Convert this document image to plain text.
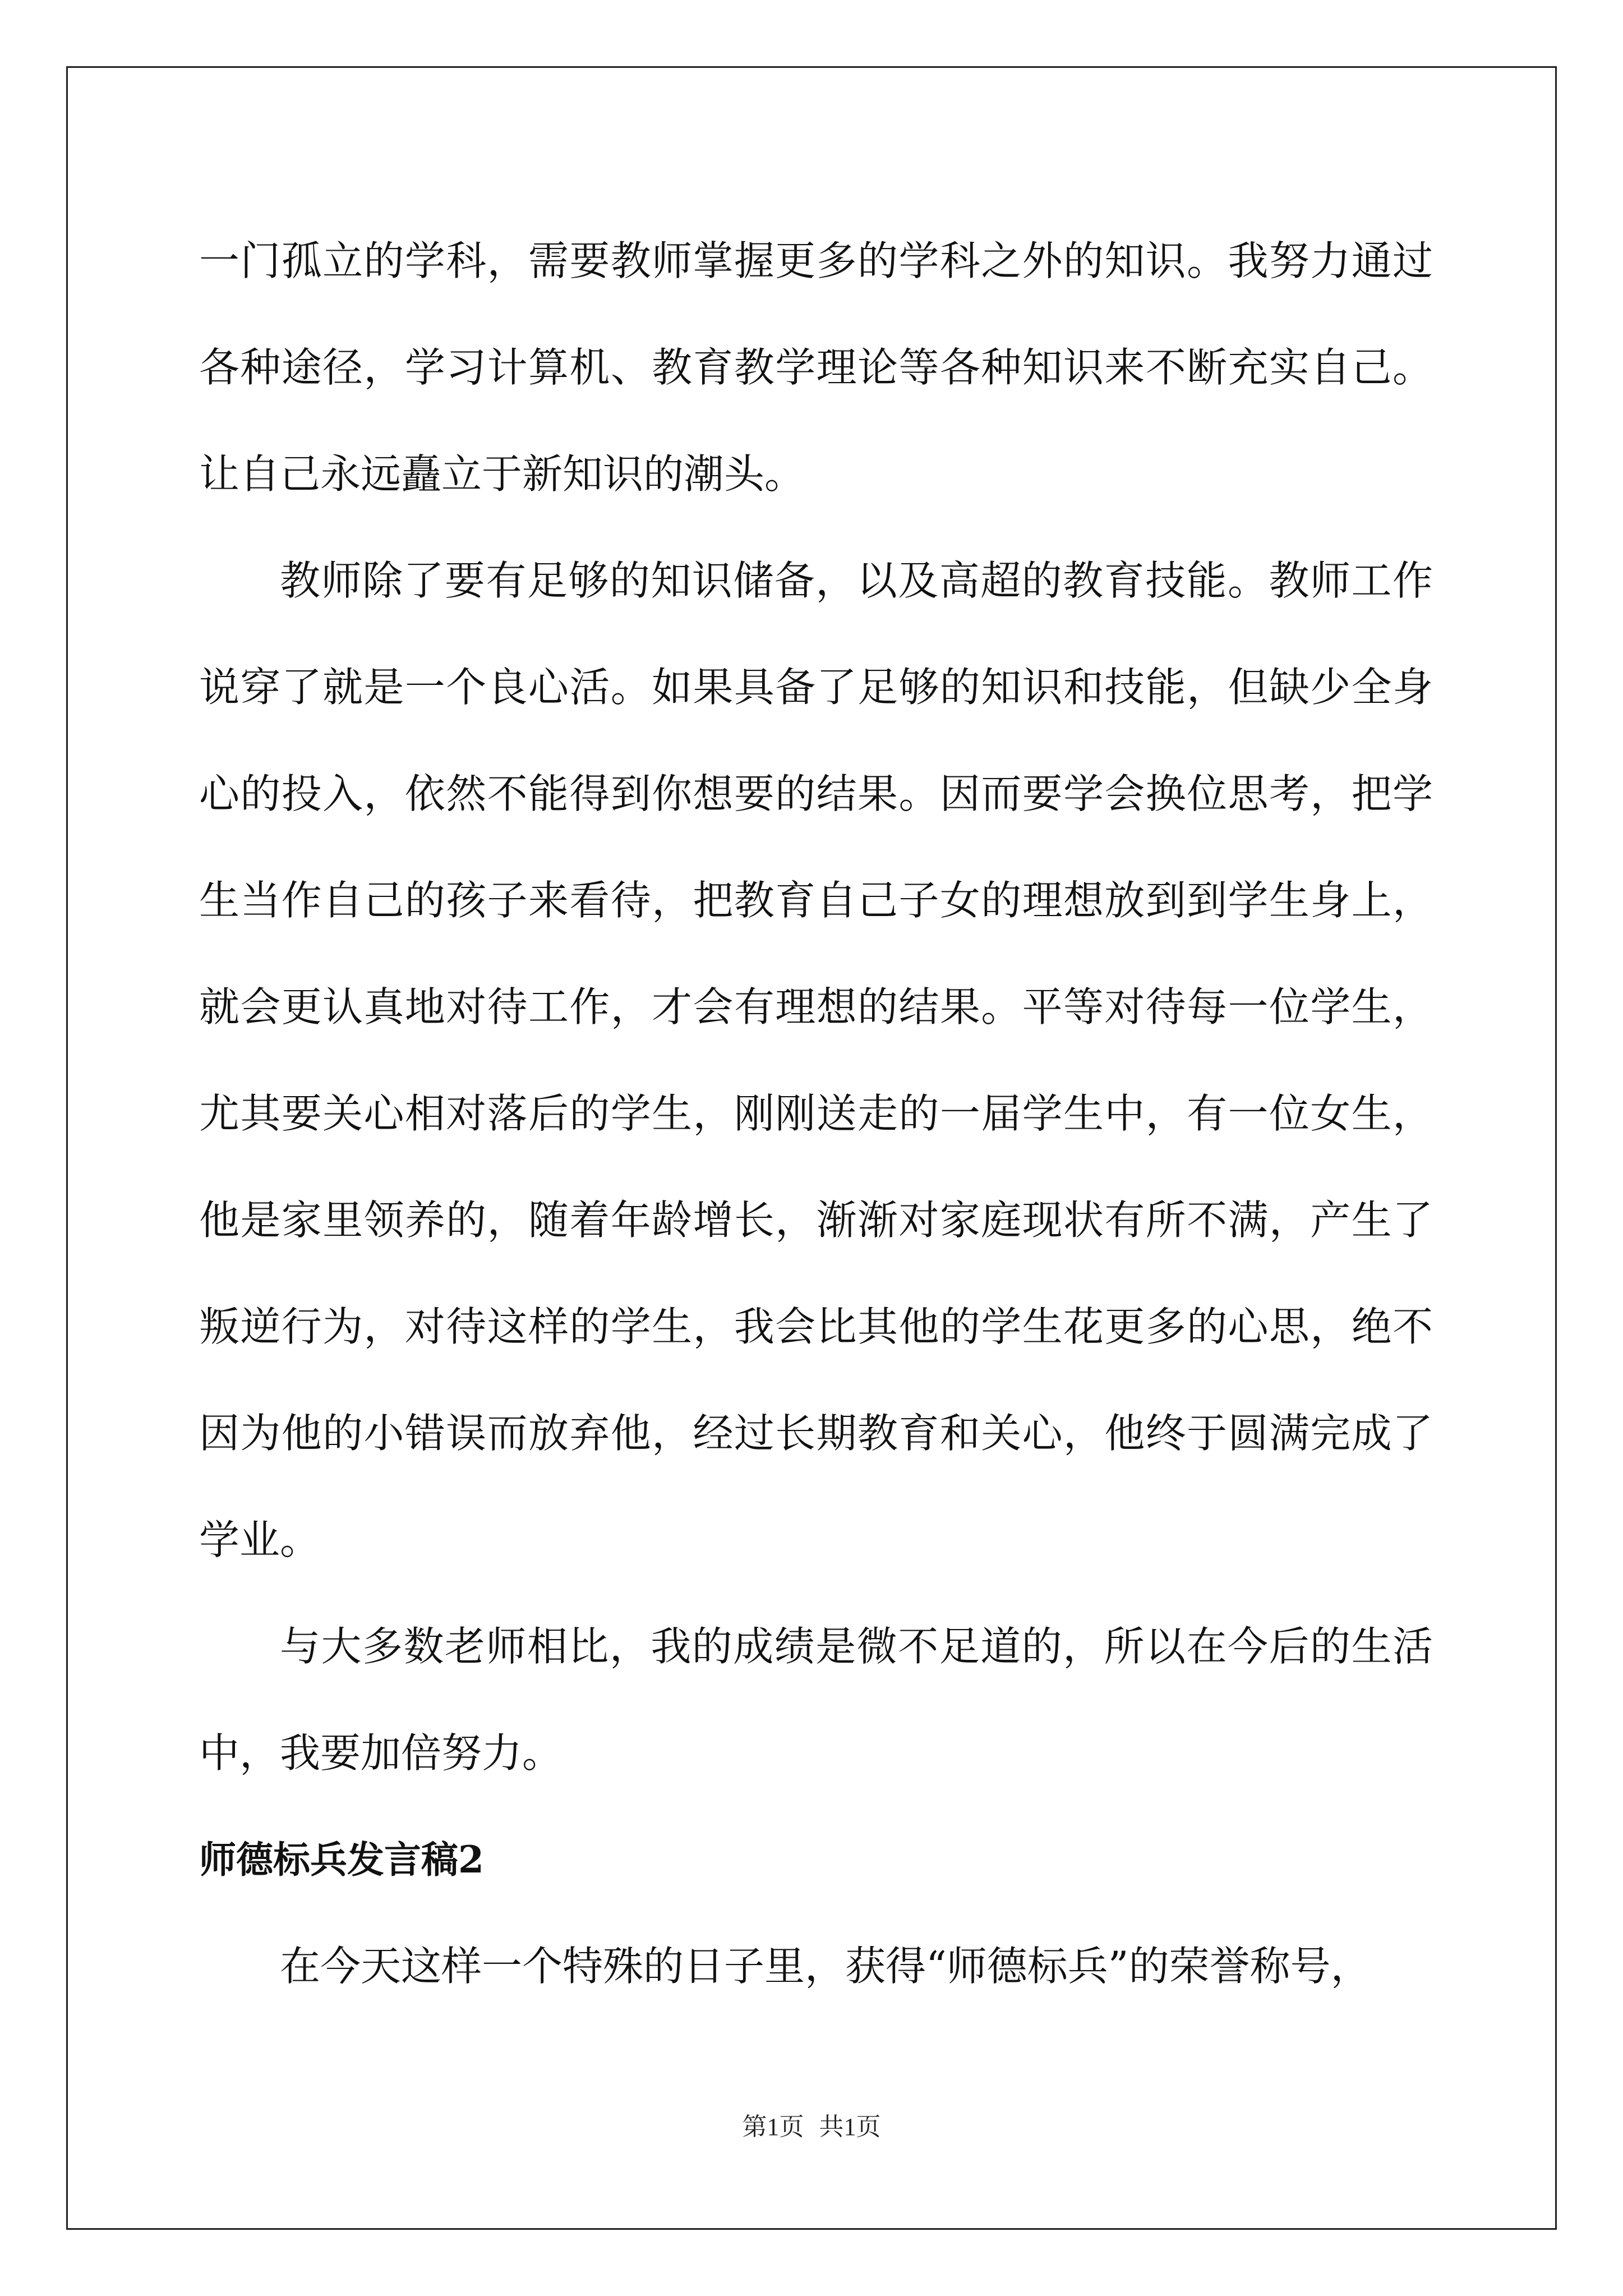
一门孤立的学科，需要教师掌握更多的学科之外的知识。我努力通过各种途径，学习计算机、教育教学理论等各种知识来不断充实自己。让自己永远矗立于新知识的潮头。

教师除了要有足够的知识储备，以及高超的教育技能。教师工作说穿了就是一个良心活。如果具备了足够的知识和技能，但缺少全身心的投入，依然不能得到你想要的结果。因而要学会换位思考，把学生当作自己的孩子来看待，把教育自己子女的理想放到到学生身上，就会更认真地对待工作，才会有理想的结果。平等对待每一位学生，尤其要关心相对落后的学生，刚刚送走的一届学生中，有一位女生，他是家里领养的，随着年龄增长，渐渐对家庭现状有所不满，产生了叛逆行为，对待这样的学生，我会比其他的学生花更多的心思，绝不因为他的小错误而放弃他，经过长期教育和关心，他终于圆满完成了学业。

与大多数老师相比，我的成绩是微不足道的，所以在今后的生活中，我要加倍努力。

师德标兵发言稿2

在今天这样一个特殊的日子里，获得“师德标兵”的荣誉称号，

第1页 共1页
